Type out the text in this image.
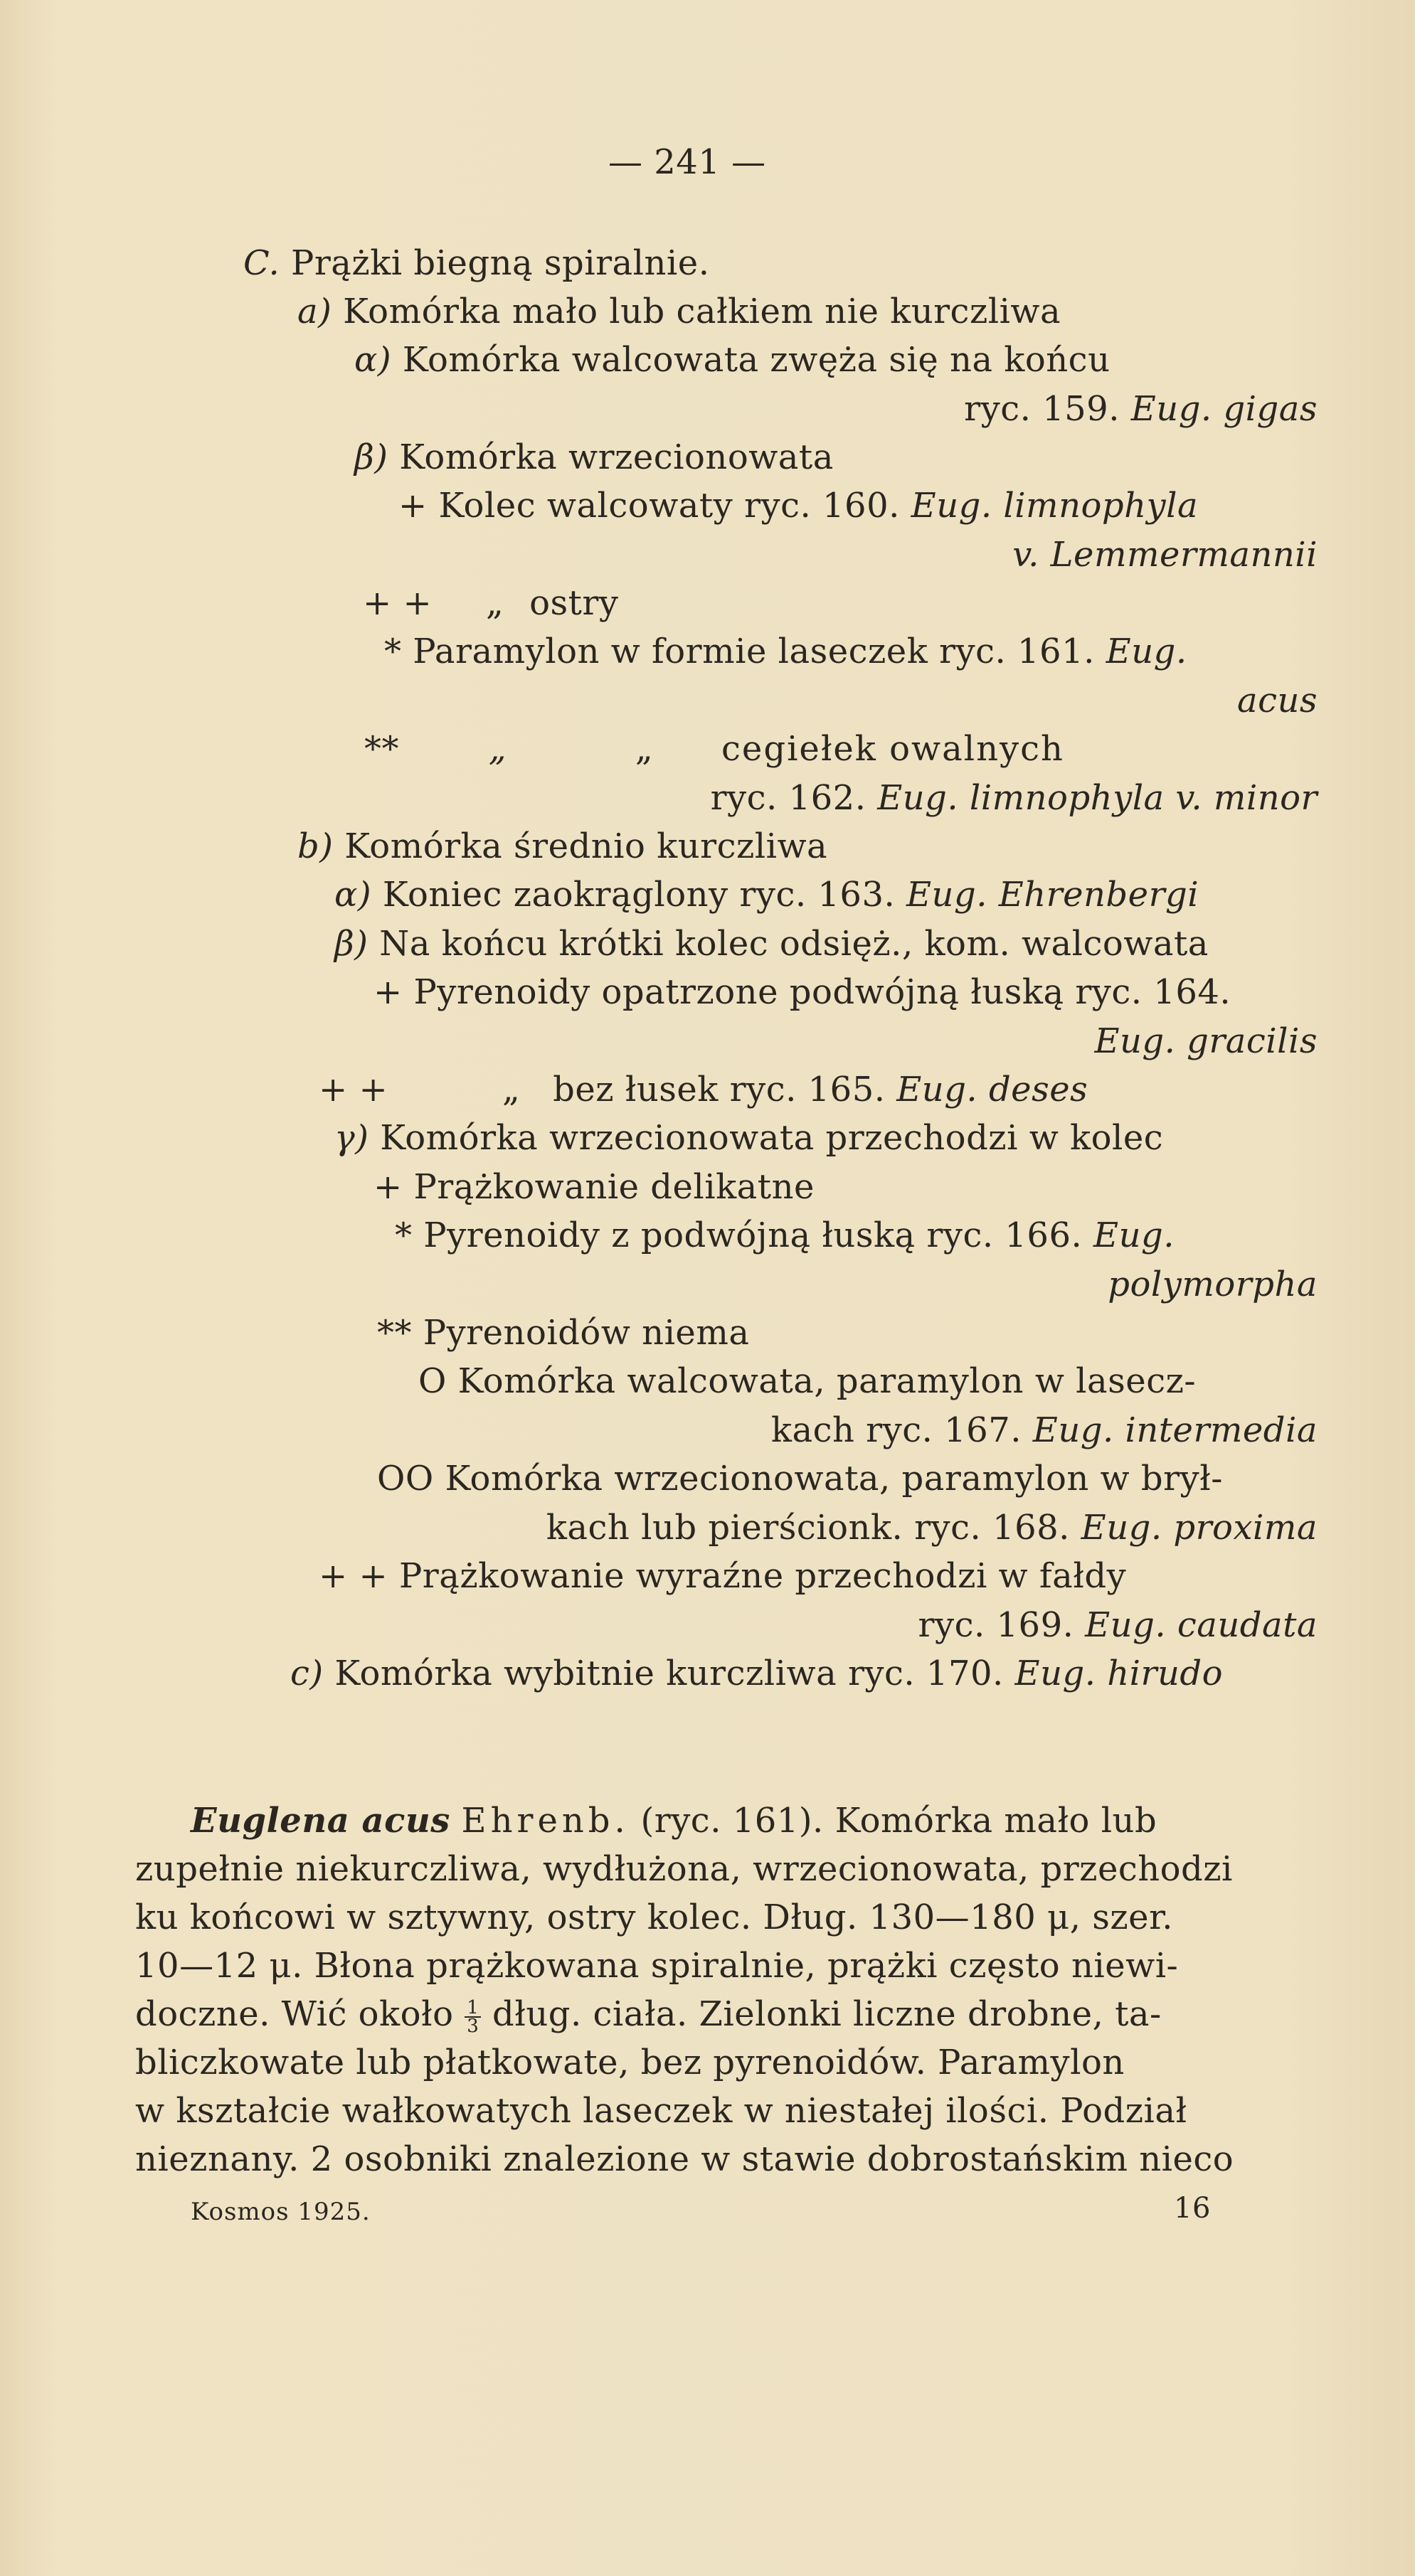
— 241 —
C. Prążki biegną spiralnie.
a) Komórka mało lub całkiem nie kurczliwa
α) Komórka walcowata zwęża się na końcu
ryc. 159. Eug. gigas
β) Komórka wrzecionowata
+ Kolec walcowaty ryc. 160. Eug. limnophyla
v. Lemmermannii
+ + „ ostry
* Paramylon w formie laseczek ryc. 161. Eug.
acus
**	„	„ cegiełek owalnych
ryc. 162. Eug. limnophyla v. minor
b) Komórka średnio kurczliwa
α) Koniec zaokrąglony ryc. 163. Eug. Ehrenbergi
β) Na końcu krótki kolec odsięż., kom. walcowata
+ Pyrenoidy opatrzone podwójną łuską ryc. 164.
Eug. gracilis
+ +	„ bez łusek ryc. 165. Eug. deses
γ) Komórka wrzecionowata przechodzi w kolec
+ Prążkowanie delikatne
* Pyrenoidy z podwójną łuską ryc. 166. Eug.
polymorpha
** Pyrenoidów niema
O Komórka walcowata, paramylon w lasecz-
kach ryc. 167. Eug. intermedia
OO Komórka wrzecionowata, paramylon w brył-
kach lub pierścionk. ryc. 168. Eug. proxima
+ + Prążkowanie wyraźne przechodzi w fałdy
ryc. 169. Eug. caudata
c) Komórka wybitnie kurczliwa ryc. 170. Eug. hirudo
Euglena acus Ehrenb. (ryc. 161). Komórka mało lub
zupełnie niekurczliwa, wydłużona, wrzecionowata, przechodzi
ku końcowi w sztywny, ostry kolec. Dług. 130—180 μ, szer.
10—12 μ. Błona prążkowana spiralnie, prążki często niewi-
doczne. Wić około $\frac{1}{3}$ dług. ciała. Zielonki liczne drobne, ta-
bliczkowate lub płatkowate, bez pyrenoidów. Paramylon
w kształcie wałkowatych laseczek w niestałej ilości. Podział
nieznany. 2 osobniki znalezione w stawie dobrostańskim nieco
Kosmos 1925.	16
